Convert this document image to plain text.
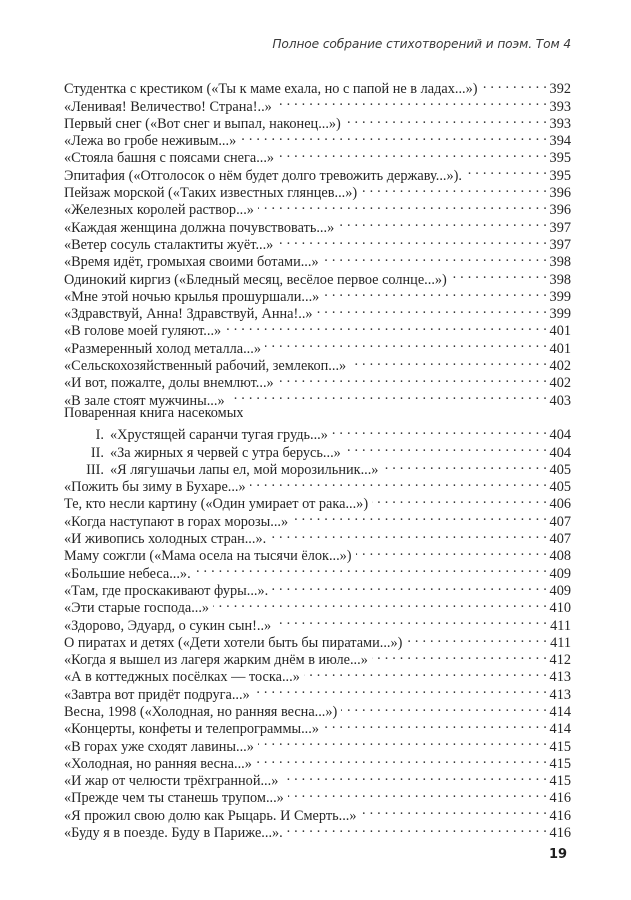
Полное собрание стихотворений и поэм. Том 4
Студентка с крестиком («Ты к маме ехала, но с папой не в ладах...») . . .	392
«Ленивая! Величество! Страна!..» . . .	393
Первый снег («Вот снег и выпал, наконец...») . . .	393
«Лежа во гробе неживым...» . . .	394
«Стояла башня с поясами снега...» . . .	395
Эпитафия («Отголосок о нём будет долго тревожить державу...»). . . .	395
Пейзаж морской («Таких известных глянцев...») . . .	396
«Железных королей раствор...» . . .	396
«Каждая женщина должна почувствовать...» . . .	397
«Ветер сосуль сталактиты жуёт...» . . .	397
«Время идёт, громыхая своими ботами...» . . .	398
Одинокий киргиз («Бледный месяц, весёлое первое солнце...») . . .	398
«Мне этой ночью крылья прошуршали...» . . .	399
«Здравствуй, Анна! Здравствуй, Анна!..» . . .	399
«В голове моей гуляют...» . . .	401
«Размеренный холод металла...» . . .	401
«Сельскохозяйственный рабочий, землекоп...» . . .	402
«И вот, пожалте, долы внемлют...» . . .	402
«В зале стоят мужчины...» . . .	403
Поваренная книга насекомых
I. «Хрустящей саранчи тугая грудь...» . . .	404
II. «За жирных я червей с утра берусь...» . . .	404
III. «Я лягушачьи лапы ел, мой морозильник...» . . .	405
«Пожить бы зиму в Бухаре...» . . .	405
Те, кто несли картину («Один умирает от рака...») . . .	406
«Когда наступают в горах морозы...» . . .	407
«И живопись холодных стран...». . . .	407
Маму сожгли («Мама осела на тысячи ёлок...») . . .	408
«Большие небеса...». . . .	409
«Там, где проскакивают фуры...». . . .	409
«Эти старые господа...» . . .	410
«Здорово, Эдуард, о сукин сын!..» . . .	411
О пиратах и детях («Дети хотели быть бы пиратами...») . . .	411
«Когда я вышел из лагеря жарким днём в июле...» . . .	412
«А в коттеджных посёлках — тоска...» . . .	413
«Завтра вот придёт подруга...» . . .	413
Весна, 1998 («Холодная, но ранняя весна...») . . .	414
«Концерты, конфеты и телепрограммы...» . . .	414
«В горах уже сходят лавины...» . . .	415
«Холодная, но ранняя весна...» . . .	415
«И жар от челюсти трёхгранной...» . . .	415
«Прежде чем ты станешь трупом...» . . .	416
«Я прожил свою долю как Рыцарь. И Смерть...» . . .	416
«Буду я в поезде. Буду в Париже...». . . .	416
19
